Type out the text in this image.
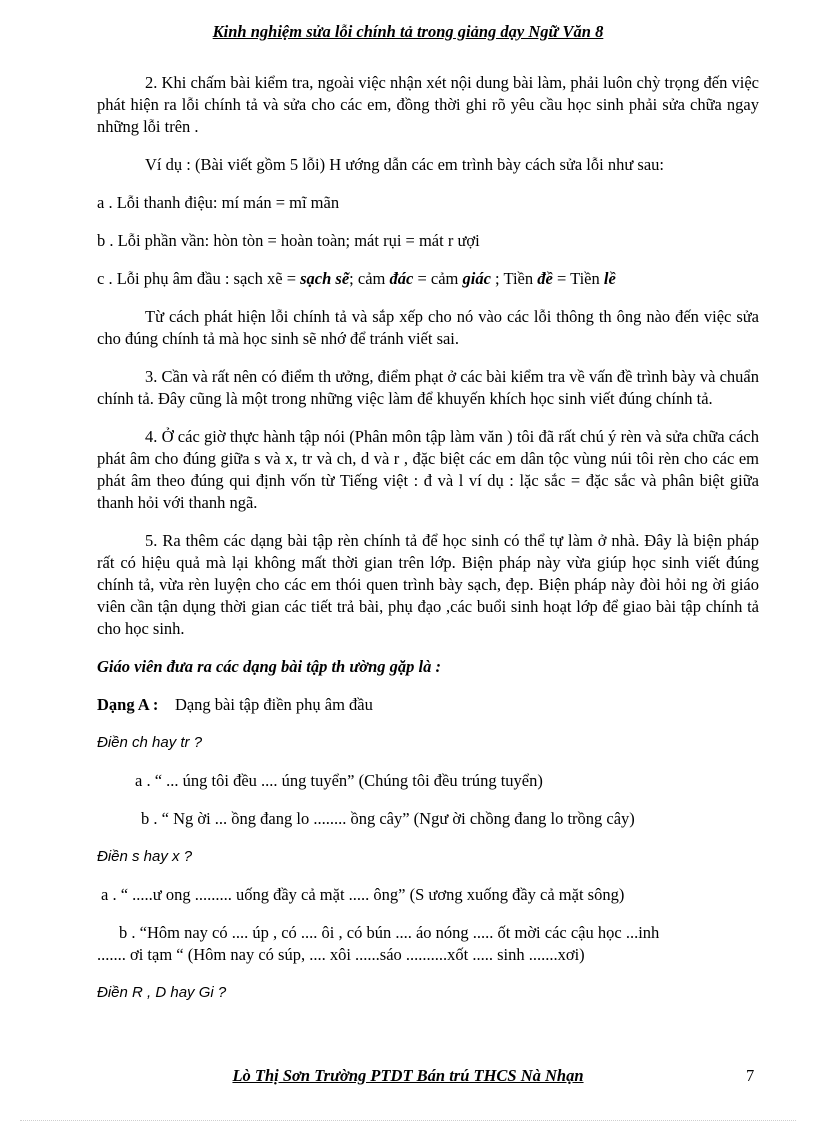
Kinh nghiệm sửa lỗi chính tả trong giảng dạy Ngữ Văn 8

2. Khi chấm bài kiểm tra, ngoài việc nhận xét nội dung bài làm, phải luôn chỳ trọng đến việc phát hiện ra lỗi chính tả và sửa cho các em, đồng thời ghi rõ yêu cầu học sinh phải sửa chữa ngay những lỗi trên .

Ví dụ : (Bài viết gồm 5 lỗi) H ướng dẫn các em trình bày cách sửa lỗi như sau:

a . Lỗi thanh điệu: mí mán = mĩ mãn

b . Lỗi phần vần: hòn tòn = hoàn toàn; mát rụi = mát r ượi

c . Lỗi phụ âm đầu : sạch xẽ = sạch sẽ; cảm đác = cảm giác ; Tiền đề = Tiền lề

Từ cách phát hiện lỗi chính tả và sắp xếp cho nó vào các lỗi thông th ông nào đến việc sửa cho đúng chính tả mà học sinh sẽ nhớ để tránh viết sai.

3. Cần và rất nên có điểm th ưởng, điểm phạt ở các bài kiểm tra về vấn đề trình bày và chuẩn chính tả. Đây cũng là một trong những việc làm để khuyến khích học sinh viết đúng chính tả.

4. Ở các giờ thực hành tập nói (Phân môn tập làm văn ) tôi đã rất chú ý rèn và sửa chữa cách phát âm cho đúng giữa s và x, tr và ch, d và r , đặc biệt các em dân tộc vùng núi tôi rèn cho các em phát âm theo đúng qui định vốn từ Tiếng việt : đ và l ví dụ : lặc sắc = đặc sắc và phân biệt giữa thanh hỏi với thanh ngã.

5. Ra thêm các dạng bài tập rèn chính tả để học sinh có thể tự làm ở nhà. Đây là biện pháp rất có hiệu quả mà lại không mất thời gian trên lớp. Biện pháp này vừa giúp học sinh viết đúng chính tả, vừa rèn luyện cho các em thói quen trình bày sạch, đẹp. Biện pháp này đòi hỏi ng ời giáo viên cần tận dụng thời gian các tiết trả bài, phụ đạo ,các buổi sinh hoạt lớp để giao bài tập chính tả cho học sinh.

Giáo viên đưa ra các dạng bài tập th ường gặp là :

Dạng A : Dạng bài tập điền phụ âm đầu

Điền ch hay tr ?

a . “ ... úng tôi đều .... úng tuyển” (Chúng tôi đều trúng tuyển)

b . “ Ng ời ... ồng đang lo ........ ồng cây” (Ngư ời chồng đang lo trồng cây)

Điền s hay x ?

a . “ .....ư ong ......... uống đầy cả mặt ..... ông” (S ương xuống đầy cả mặt sông)

b . “Hôm nay có .... úp , có .... ôi , có bún .... áo nóng ..... ốt mời các cậu học ...inh
....... ơi tạm “ (Hôm nay có súp, .... xôi ......sáo ..........xốt ..... sinh .......xơi)

Điền R , D hay Gi ?

Lò Thị Sơn Trường PTDT Bán trú THCS Nà Nhạn	7
